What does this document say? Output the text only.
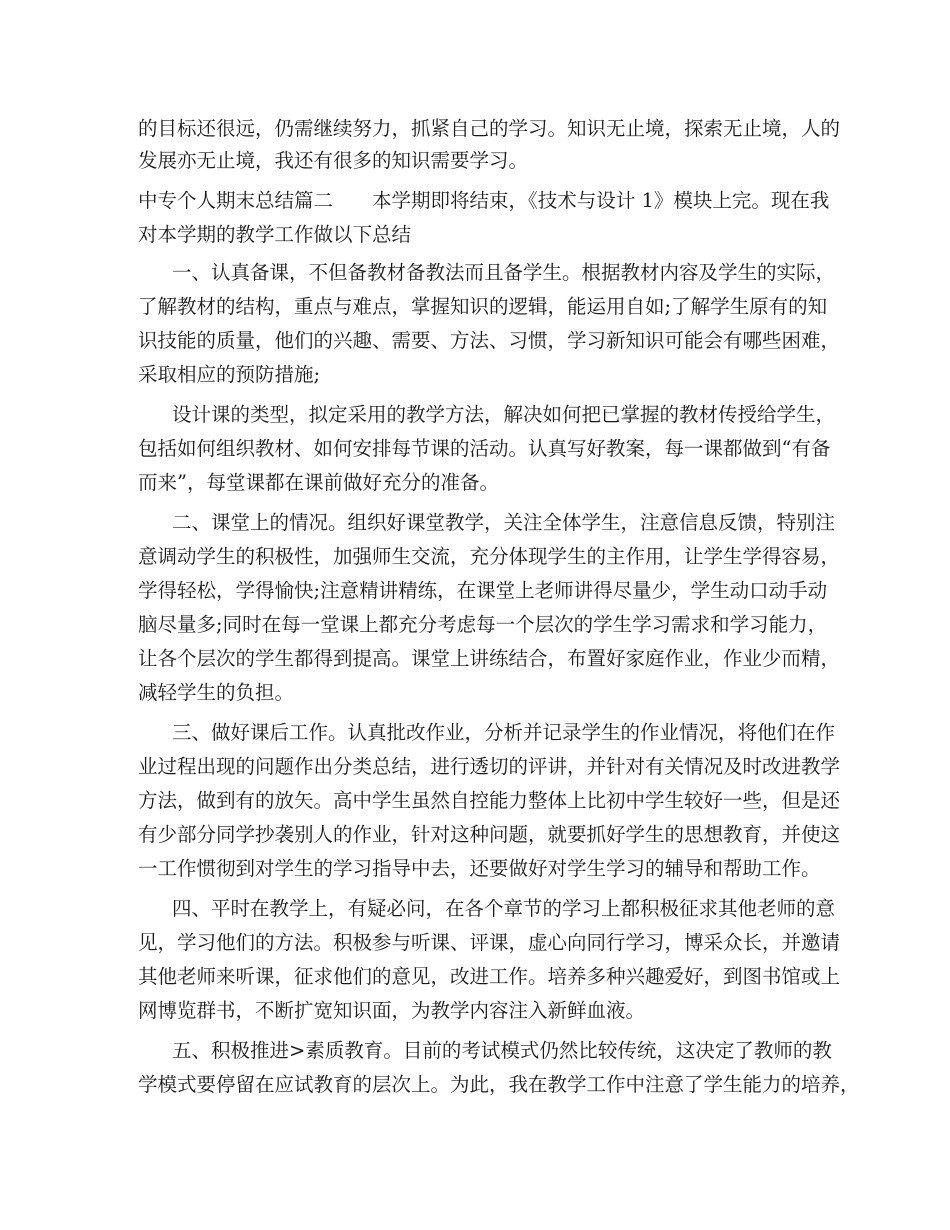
的目标还很远，仍需继续努力，抓紧自己的学习。知识无止境，探索无止境，人的
发展亦无止境，我还有很多的知识需要学习。
中专个人期末总结篇二　　本学期即将结束，《技术与设计 1》模块上完。现在我
对本学期的教学工作做以下总结
一、认真备课，不但备教材备教法而且备学生。根据教材内容及学生的实际，
了解教材的结构，重点与难点，掌握知识的逻辑，能运用自如;了解学生原有的知
识技能的质量，他们的兴趣、需要、方法、习惯，学习新知识可能会有哪些困难，
采取相应的预防措施;
设计课的类型，拟定采用的教学方法，解决如何把已掌握的教材传授给学生，
包括如何组织教材、如何安排每节课的活动。认真写好教案，每一课都做到“有备
而来”，每堂课都在课前做好充分的准备。
二、课堂上的情况。组织好课堂教学，关注全体学生，注意信息反馈，特别注
意调动学生的积极性，加强师生交流，充分体现学生的主作用，让学生学得容易，
学得轻松，学得愉快;注意精讲精练，在课堂上老师讲得尽量少，学生动口动手动
脑尽量多;同时在每一堂课上都充分考虑每一个层次的学生学习需求和学习能力，
让各个层次的学生都得到提高。课堂上讲练结合，布置好家庭作业，作业少而精，
减轻学生的负担。
三、做好课后工作。认真批改作业，分析并记录学生的作业情况，将他们在作
业过程出现的问题作出分类总结，进行透切的评讲，并针对有关情况及时改进教学
方法，做到有的放矢。高中学生虽然自控能力整体上比初中学生较好一些，但是还
有少部分同学抄袭别人的作业，针对这种问题，就要抓好学生的思想教育，并使这
一工作惯彻到对学生的学习指导中去，还要做好对学生学习的辅导和帮助工作。
四、平时在教学上，有疑必问，在各个章节的学习上都积极征求其他老师的意
见，学习他们的方法。积极参与听课、评课，虚心向同行学习，博采众长，并邀请
其他老师来听课，征求他们的意见，改进工作。培养多种兴趣爱好，到图书馆或上
网博览群书，不断扩宽知识面，为教学内容注入新鲜血液。
五、积极推进>素质教育。目前的考试模式仍然比较传统，这决定了教师的教
学模式要停留在应试教育的层次上。为此，我在教学工作中注意了学生能力的培养，
